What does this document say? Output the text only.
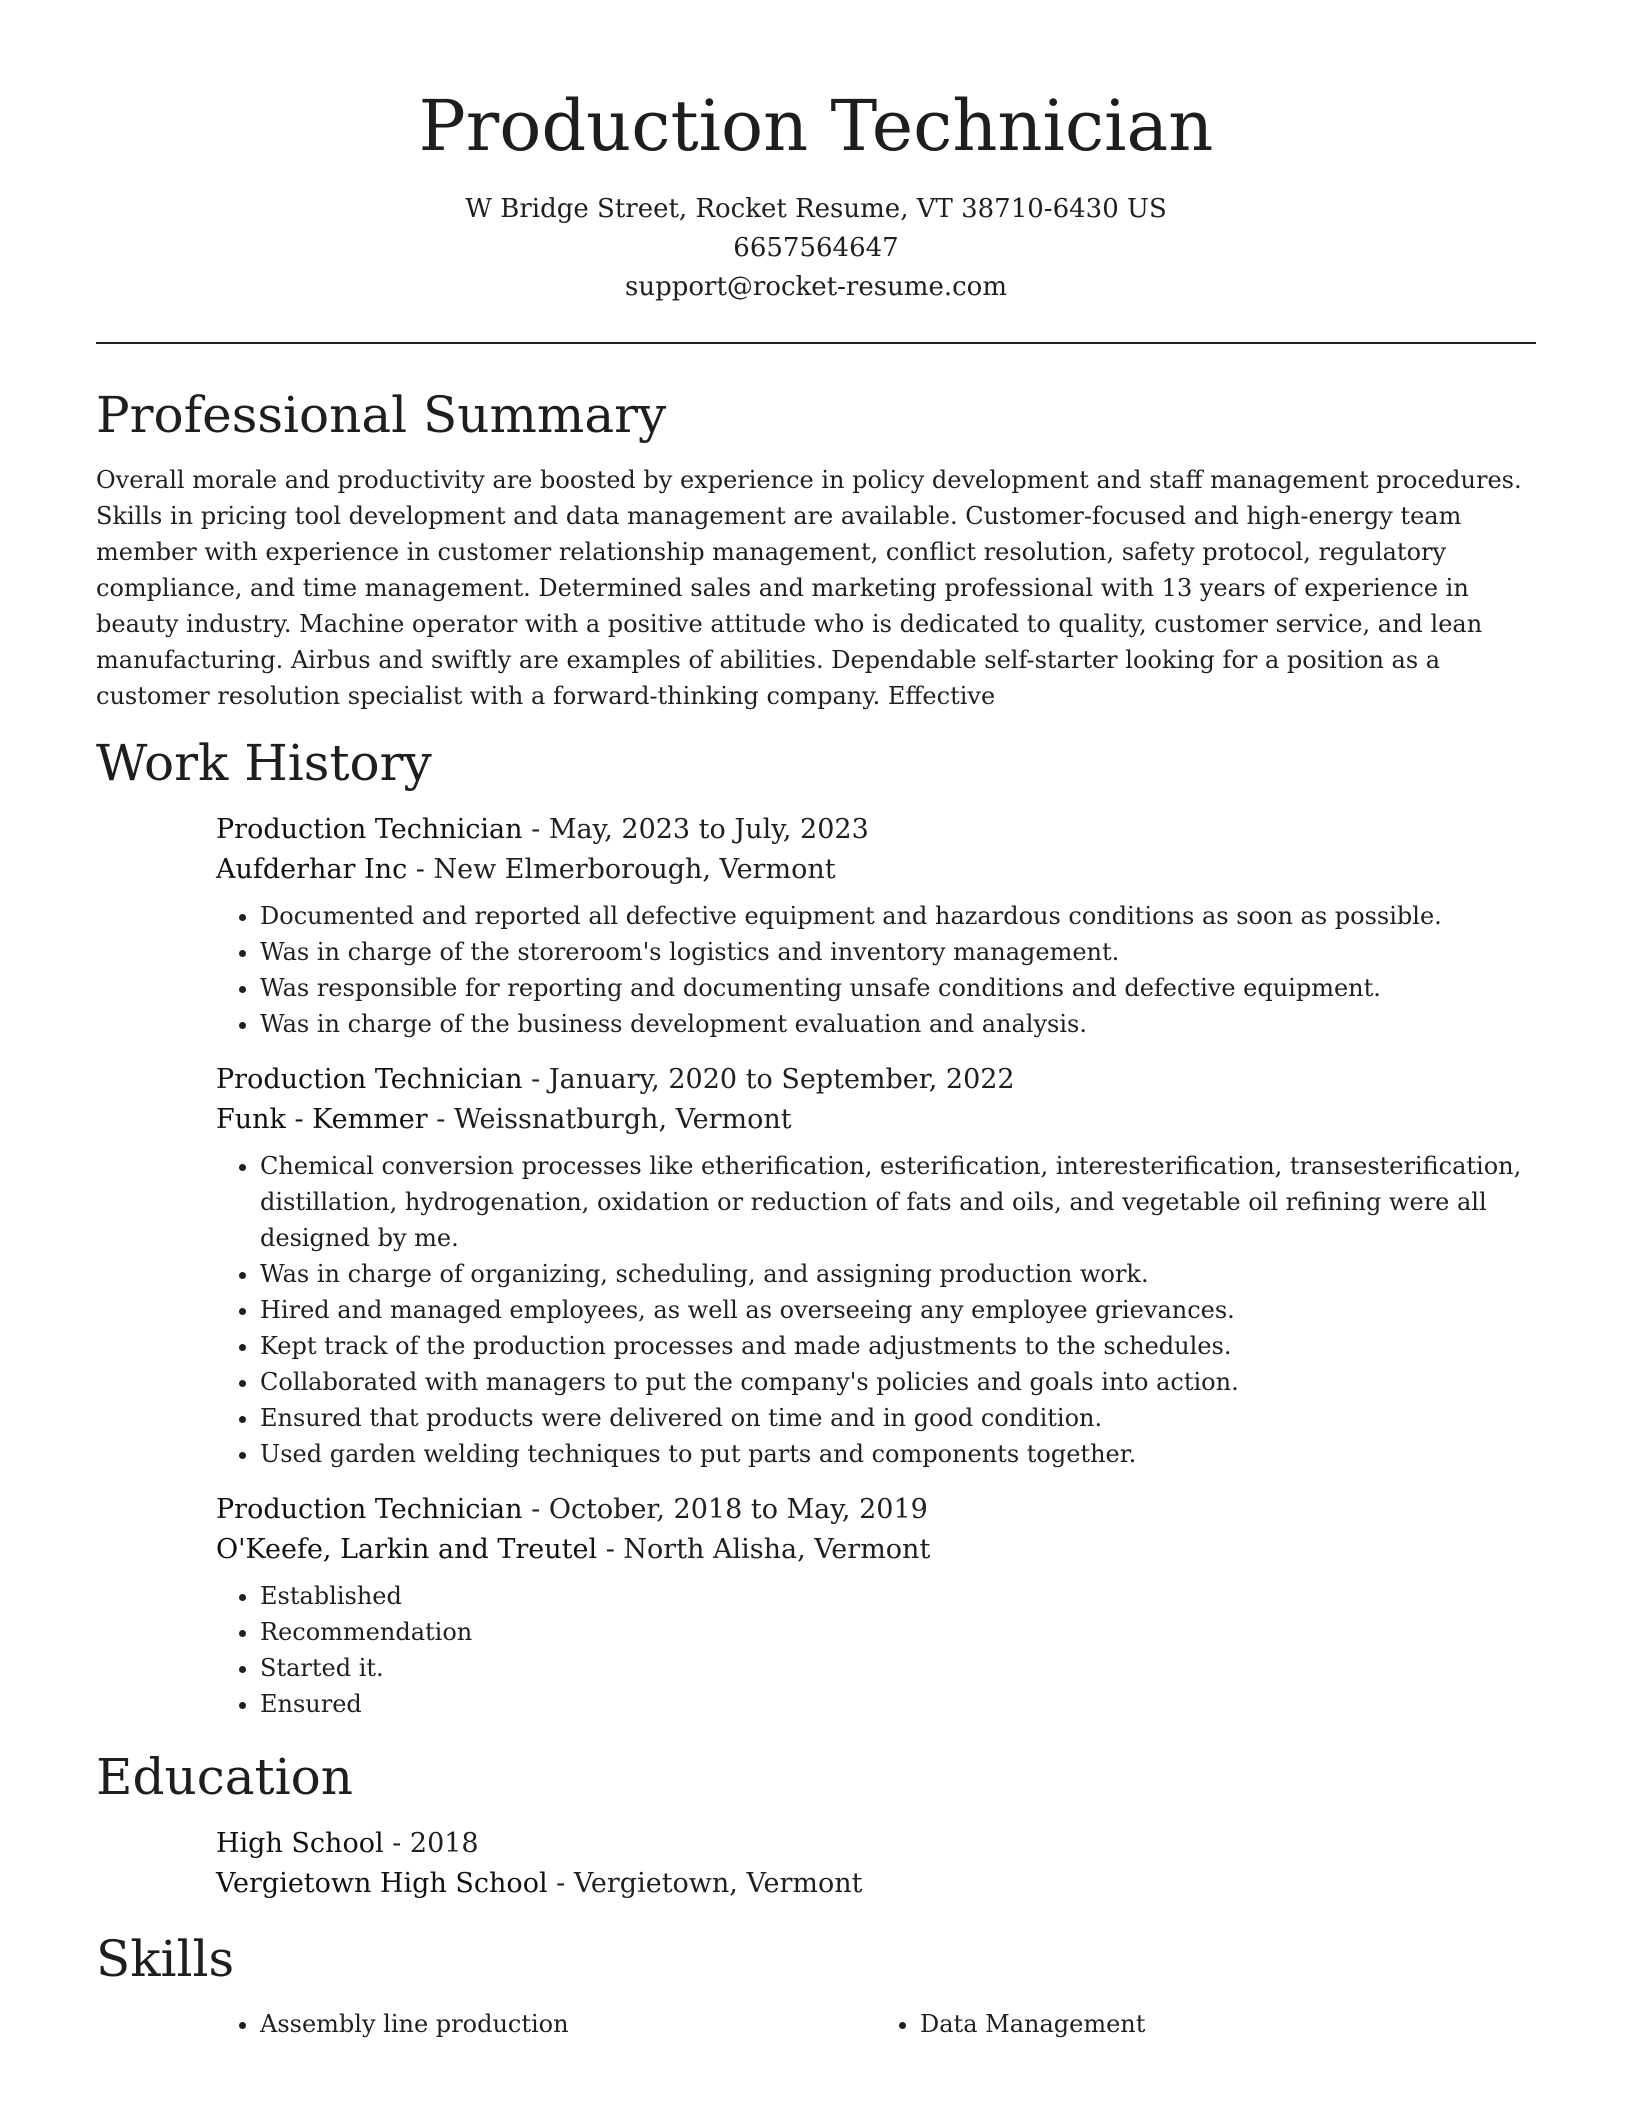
Production Technician
W Bridge Street, Rocket Resume, VT 38710-6430 US
6657564647
support@rocket-resume.com
Professional Summary

Overall morale and productivity are boosted by experience in policy development and staff management procedures. Skills in pricing tool development and data management are available. Customer-focused and high-energy team member with experience in customer relationship management, conflict resolution, safety protocol, regulatory compliance, and time management. Determined sales and marketing professional with 13 years of experience in beauty industry. Machine operator with a positive attitude who is dedicated to quality, customer service, and lean manufacturing. Airbus and swiftly are examples of abilities. Dependable self-starter looking for a position as a customer resolution specialist with a forward-thinking company. Effective

Work History

Production Technician - May, 2023 to July, 2023

Aufderhar Inc - New Elmerborough, Vermont

• Documented and reported all defective equipment and hazardous conditions as soon as possible.
• Was in charge of the storeroom's logistics and inventory management.
• Was responsible for reporting and documenting unsafe conditions and defective equipment.
• Was in charge of the business development evaluation and analysis.

Production Technician - January, 2020 to September, 2022

Funk - Kemmer - Weissnatburgh, Vermont

• Chemical conversion processes like etherification, esterification, interesterification, transesterification, distillation, hydrogenation, oxidation or reduction of fats and oils, and vegetable oil refining were all designed by me.
• Was in charge of organizing, scheduling, and assigning production work.
• Hired and managed employees, as well as overseeing any employee grievances.
• Kept track of the production processes and made adjustments to the schedules.
• Collaborated with managers to put the company's policies and goals into action.
• Ensured that products were delivered on time and in good condition.
• Used garden welding techniques to put parts and components together.

Production Technician - October, 2018 to May, 2019

O'Keefe, Larkin and Treutel - North Alisha, Vermont

• Established
• Recommendation
• Started it.
• Ensured
Education

High School - 2018

Vergietown High School - Vergietown, Vermont

Skills
• Assembly line production
•	Data Management
